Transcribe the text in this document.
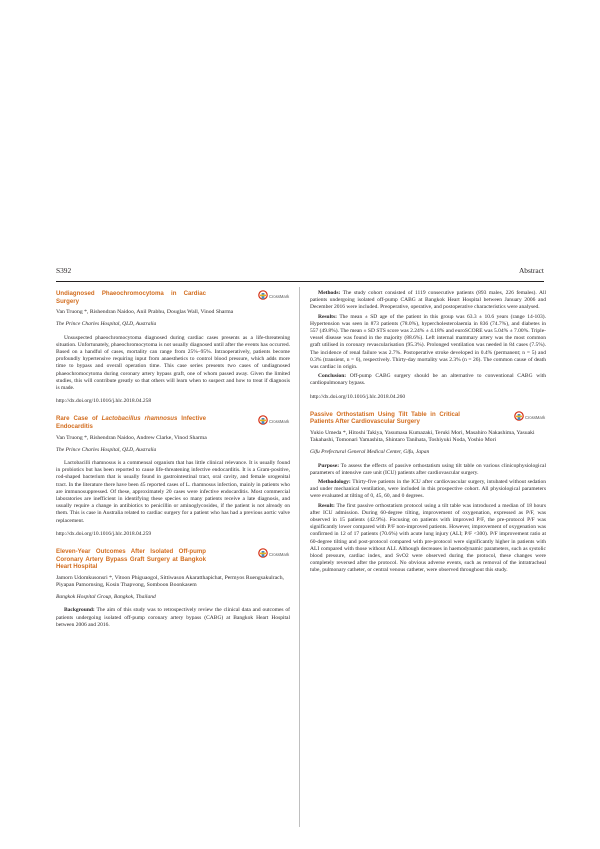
S392	Abstract
CrossMark
Undiagnosed Phaeochromocytoma in Cardiac Surgery
Van Truong *, Rishendran Naidoo, Anil Prabhu, Douglas Wall, Vinod Sharma
The Prince Charles Hospital, QLD, Australia

Unsuspected phaeochromocytoma diagnosed during cardiac cases presents as a life-threatening situation. Unfortunately, phaeochromocytoma is not usually diagnosed until after the events has occurred. Based on a handful of cases, mortality can range from 25%–95%. Intraoperatively, patients become profoundly hypertensive requiring input from anaesthetics to control blood pressure, which adds more time to bypass and overall operation time. This case series presents two cases of undiagnosed phaeochromocytoma during coronary artery bypass graft, one of whom passed away. Given the limited studies, this will contribute greatly so that others will learn when to suspect and how to treat if diagnosis is made.

http://dx.doi.org/10.1016/j.hlc.2018.04.258
CrossMark
Rare Case of Lactobacillus rhamnosus Infective Endocarditis
Van Truong *, Rishendran Naidoo, Andrew Clarke, Vinod Sharma
The Prince Charles Hospital, QLD, Australia

Lactobacilli rhamnosus is a commensal organism that has little clinical relevance. It is usually found in probiotics but has been reported to cause life-threatening infective endocarditis. It is a Gram-positive, rod-shaped bacterium that is usually found in gastrointestinal tract, oral cavity, and female urogenital tract. In the literature there have been 45 reported cases of L. rhamnosus infection, mainly in patients who are immunosuppressed. Of these, approximately 20 cases were infective endocarditis. Most commercial laboratories are inefficient in identifying these species so many patients receive a late diagnosis, and usually require a change in antibiotics to penicillin or aminoglycosides, if the patient is not already on them. This is case in Australia related to cardiac surgery for a patient who has had a previous aortic valve replacement.

http://dx.doi.org/10.1016/j.hlc.2018.04.259
CrossMark
Eleven-Year Outcomes After Isolated Off-pump Coronary Artery Bypass Graft Surgery at Bangkok Heart Hospital
Jamorn Udomkusonsri *, Vitoon Phiguaogol, Sittiwason Akaratthapichat, Permyos Ruengsakulrach, Piyapan Pamornsing, Kosin Thapvong, Somboon Boonkasem
Bangkok Hospital Group, Bangkok, Thailand

Background: The aim of this study was to retrospectively review the clinical data and outcomes of patients undergoing isolated off-pump coronary artery bypass (CABG) at Bangkok Heart Hospital between 2006 and 2016.

Methods: The study cohort consisted of 1119 consecutive patients (893 males, 226 females). All patients undergoing isolated off-pump CABG at Bangkok Heart Hospital between January 2006 and December 2016 were included. Preoperative, operative, and postoperative characteristics were analysed.

Results: The mean ± SD age of the patient in this group was 63.3 ± 10.6 years (range 14-103). Hypertension was seen in 873 patients (78.0%), hypercholesterolaemia in 836 (74.7%), and diabetes in 557 (49.8%). The mean ± SD STS score was 2.24% ± 4.18% and euroSCORE was 5.04% ± 7.00%. Triple-vessel disease was found in the majority (88.6%). Left internal mammary artery was the most common graft utilised in coronary revascularisation (95.3%). Prolonged ventilation was needed in 84 cases (7.5%). The incidence of renal failure was 2.7%. Postoperative stroke developed in 0.4% (permanent; n = 5) and 0.3% (transient, n = 6), respectively. Thirty-day mortality was 2.3% (n = 26). The common cause of death was cardiac in origin.

Conclusion: Off-pump CABG surgery should be an alternative to conventional CABG with cardiopulmonary bypass.

http://dx.doi.org/10.1016/j.hlc.2018.04.260
CrossMark
Passive Orthostatism Using Tilt Table in Critical Patients After Cardiovascular Surgery
Yukio Umeda *, Hitoshi Takiya, Yasumasa Kumazaki, Teruki Mori, Masahiro Nakashima, Yasuaki Takahashi, Tomonari Yamashita, Shintaro Tanihata, Toshiyuki Noda, Yoshio Mori
Gifu Prefectural General Medical Center, Gifu, Japan

Purpose: To assess the effects of passive orthostatism using tilt table on various clinicophysiological parameters of intensive care unit (ICU) patients after cardiovascular surgery.

Methodology: Thirty-five patients in the ICU after cardiovascular surgery, intubated without sedation and under mechanical ventilation, were included in this prospective cohort. All physiological parameters were evaluated at tilting of 0, 45, 60, and 0 degrees.

Result: The first passive orthostatism protocol using a tilt table was introduced a median of 18 hours after ICU admission. During 60-degree tilting, improvement of oxygenation, expressed as P/F, was observed in 15 patients (42.9%). Focusing on patients with improved P/F, the pre-protocol P/F was significantly lower compared with P/F non-improved patients. However, improvement of oxygenation was confirmed in 12 of 17 patients (70.6%) with acute lung injury (ALI; P/F <300). P/F improvement ratio at 60-degree tilting and post-protocol compared with pre-protocol were significantly higher in patients with ALI compared with those without ALI. Although decreases in haemodynamic parameters, such as systolic blood pressure, cardiac index, and SvO2 were observed during the protocol, these changes were completely reversed after the protocol. No obvious adverse events, such as removal of the intratracheal tube, pulmonary catheter, or central venous catheter, were observed throughout this study.
